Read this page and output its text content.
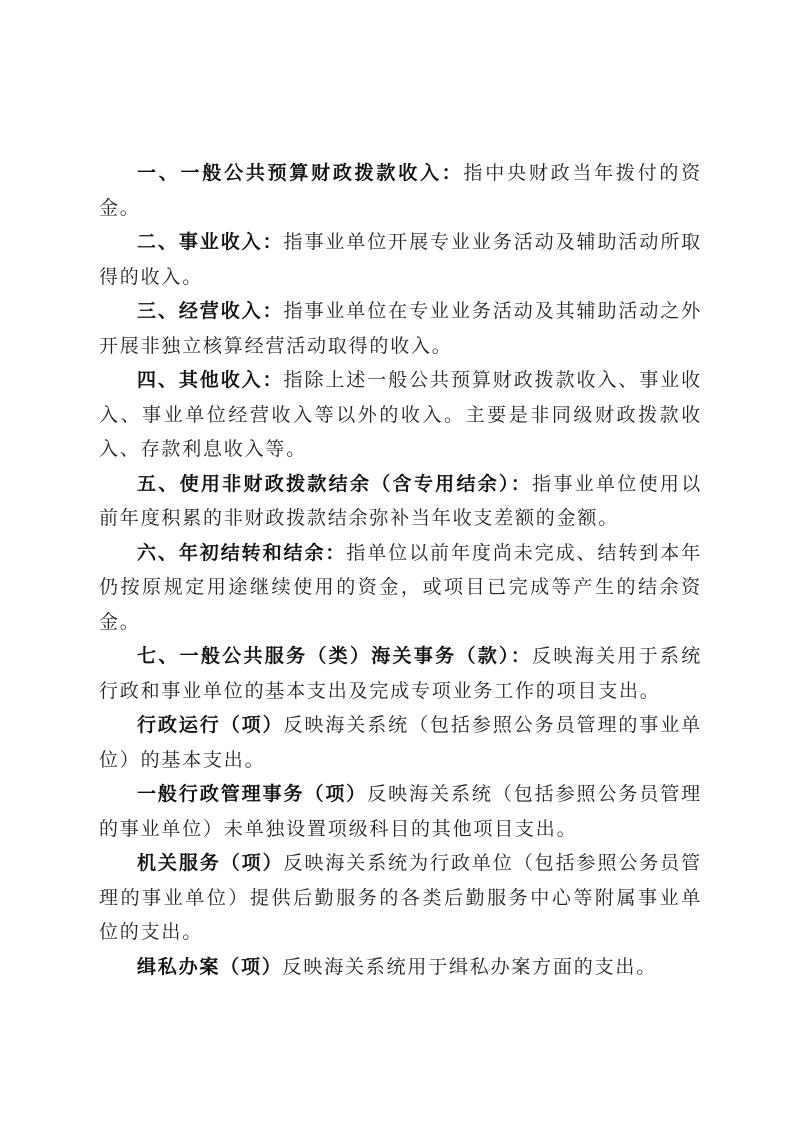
一、一般公共预算财政拨款收入：指中央财政当年拨付的资金。

二、事业收入：指事业单位开展专业业务活动及辅助活动所取得的收入。

三、经营收入：指事业单位在专业业务活动及其辅助活动之外开展非独立核算经营活动取得的收入。

四、其他收入：指除上述一般公共预算财政拨款收入、事业收入、事业单位经营收入等以外的收入。主要是非同级财政拨款收入、存款利息收入等。

五、使用非财政拨款结余（含专用结余）：指事业单位使用以前年度积累的非财政拨款结余弥补当年收支差额的金额。

六、年初结转和结余：指单位以前年度尚未完成、结转到本年仍按原规定用途继续使用的资金，或项目已完成等产生的结余资金。

七、一般公共服务（类）海关事务（款）：反映海关用于系统行政和事业单位的基本支出及完成专项业务工作的项目支出。

行政运行（项）反映海关系统（包括参照公务员管理的事业单位）的基本支出。

一般行政管理事务（项）反映海关系统（包括参照公务员管理的事业单位）未单独设置项级科目的其他项目支出。

机关服务（项）反映海关系统为行政单位（包括参照公务员管理的事业单位）提供后勤服务的各类后勤服务中心等附属事业单位的支出。

缉私办案（项）反映海关系统用于缉私办案方面的支出。
